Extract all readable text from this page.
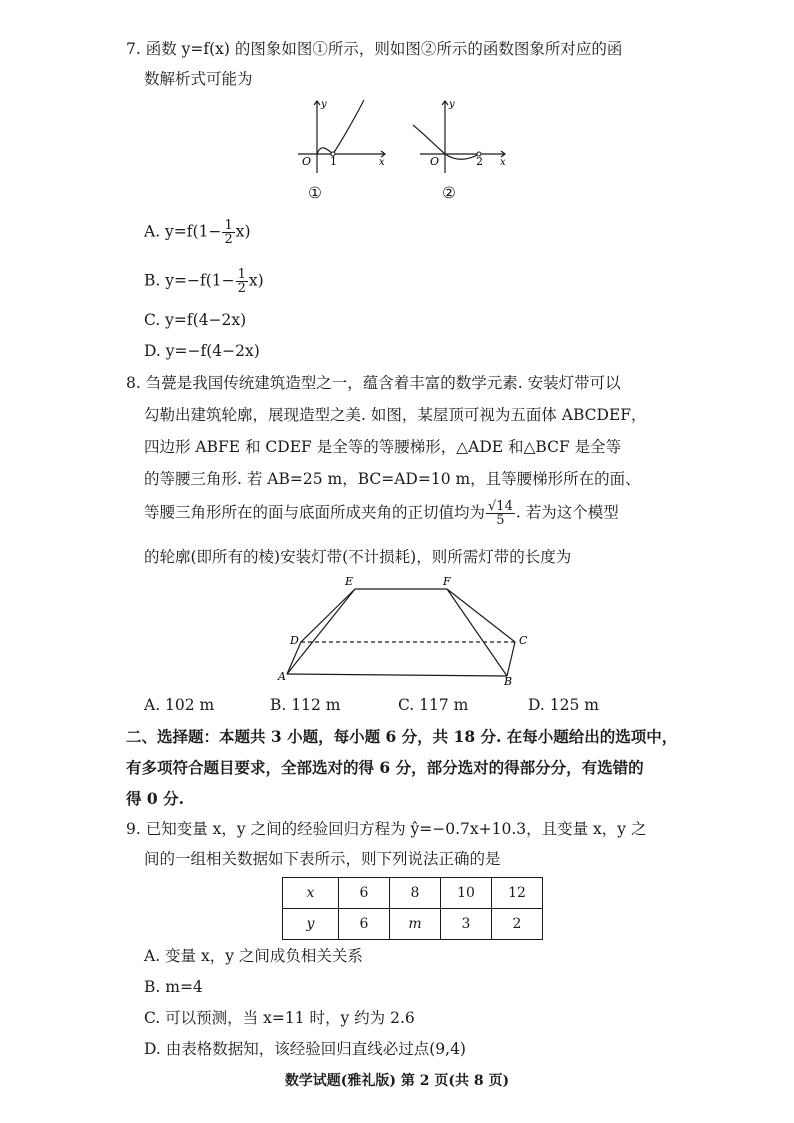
7. 函数 y=f(x) 的图象如图①所示，则如图②所示的函数图象所对应的函
数解析式可能为
O 1	x
y
①
O	2 x
y
②
A. $y=f(1- \frac{1}{2} x)$
B. $y=-f(1- \frac{1}{2} x)$
C. y=f(4−2x)
D. y=−f(4−2x)
8. 刍甍是我国传统建筑造型之一，蕴含着丰富的数学元素. 安装灯带可以
勾勒出建筑轮廓，展现造型之美. 如图，某屋顶可视为五面体 ABCDEF，
四边形 ABFE 和 CDEF 是全等的等腰梯形，△ADE 和△BCF 是全等
的等腰三角形. 若 AB=25 m，BC=AD=10 m，且等腰梯形所在的面、
等腰三角形所在的面与底面所成夹角的正切值均为 $\frac{√14}{5}$ . 若为这个模型
的轮廓(即所有的棱)安装灯带(不计损耗)，则所需灯带的长度为
E	F
D	C
A	B
A. 102 m	B. 112 m	C. 117 m	D. 125 m
二、选择题：本题共 3 小题，每小题 6 分，共 18 分. 在每小题给出的选项中，
有多项符合题目要求，全部选对的得 6 分，部分选对的得部分分，有选错的
得 0 分.
9. 已知变量 x，y 之间的经验回归方程为 ŷ=−0.7x+10.3，且变量 x，y 之
间的一组相关数据如下表所示，则下列说法正确的是
x	6	8	10	12
y	6	m	3	2
A. 变量 x，y 之间成负相关关系
B. m=4
C. 可以预测，当 x=11 时，y 约为 2.6
D. 由表格数据知，该经验回归直线必过点(9,4)
数学试题(雅礼版) 第 2 页(共 8 页)
